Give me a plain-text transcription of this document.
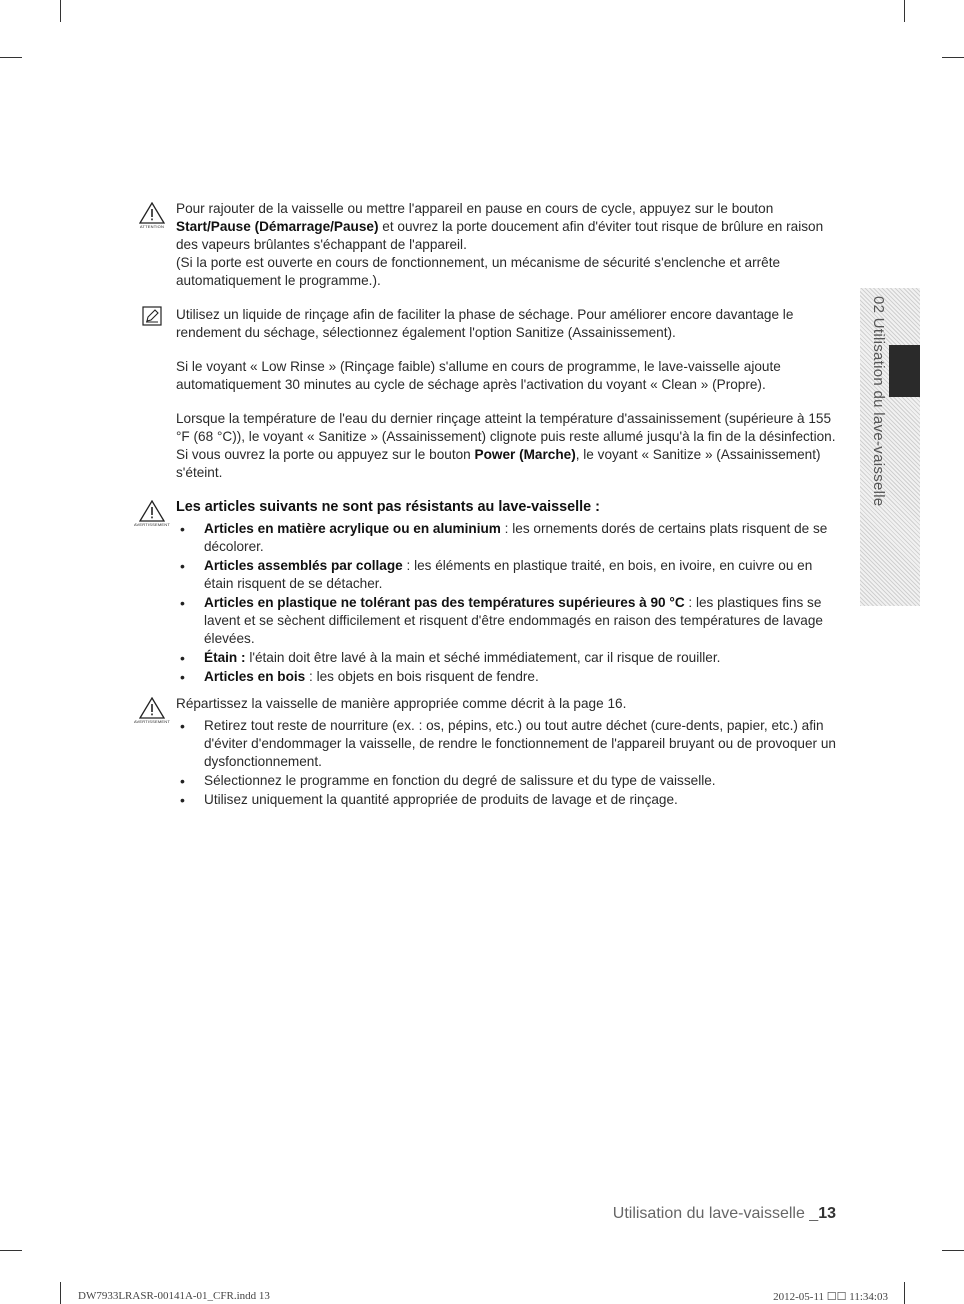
ATTENTION

Pour rajouter de la vaisselle ou mettre l'appareil en pause en cours de cycle, appuyez sur le bouton
Start/Pause (Démarrage/Pause) et ouvrez la porte doucement afin d'éviter tout risque de brûlure en raison des vapeurs brûlantes s'échappant de l'appareil.

(Si la porte est ouverte en cours de fonctionnement, un mécanisme de sécurité s'enclenche et arrête automatiquement le programme.).

Utilisez un liquide de rinçage afin de faciliter la phase de séchage. Pour améliorer encore davantage le rendement du séchage, sélectionnez également l'option Sanitize (Assainissement).

Si le voyant « Low Rinse » (Rinçage faible) s'allume en cours de programme, le lave-vaisselle ajoute automatiquement 30 minutes au cycle de séchage après l'activation du voyant « Clean » (Propre).

Lorsque la température de l'eau du dernier rinçage atteint la température d'assainissement (supérieure à 155 °F (68 °C)), le voyant « Sanitize » (Assainissement) clignote puis reste allumé jusqu'à la fin de la désinfection. Si vous ouvrez la porte ou appuyez sur le bouton Power (Marche), le voyant « Sanitize » (Assainissement) s'éteint.

AVERTISSEMENT

Les articles suivants ne sont pas résistants au lave-vaisselle :

• Articles en matière acrylique ou en aluminium : les ornements dorés de certains plats risquent de se décolorer.
• Articles assemblés par collage : les éléments en plastique traité, en bois, en ivoire, en cuivre ou en étain risquent de se détacher.
• Articles en plastique ne tolérant pas des températures supérieures à 90 °C : les plastiques fins se lavent et se sèchent difficilement et risquent d'être endommagés en raison des températures de lavage élevées.
• Étain : l'étain doit être lavé à la main et séché immédiatement, car il risque de rouiller.
• Articles en bois : les objets en bois risquent de fendre.
AVERTISSEMENT

Répartissez la vaisselle de manière appropriée comme décrit à la page 16.

• Retirez tout reste de nourriture (ex. : os, pépins, etc.) ou tout autre déchet (cure-dents, papier, etc.) afin d'éviter d'endommager la vaisselle, de rendre le fonctionnement de l'appareil bruyant ou de provoquer un dysfonctionnement.
• Sélectionnez le programme en fonction du degré de salissure et du type de vaisselle.
• Utilisez uniquement la quantité appropriée de produits de lavage et de rinçage.
02 Utilisation du lave-vaisselle
Utilisation du lave-vaisselle _13
DW7933LRASR-00141A-01_CFR.indd 13	2012-05-11 ☐☐ 11:34:03
